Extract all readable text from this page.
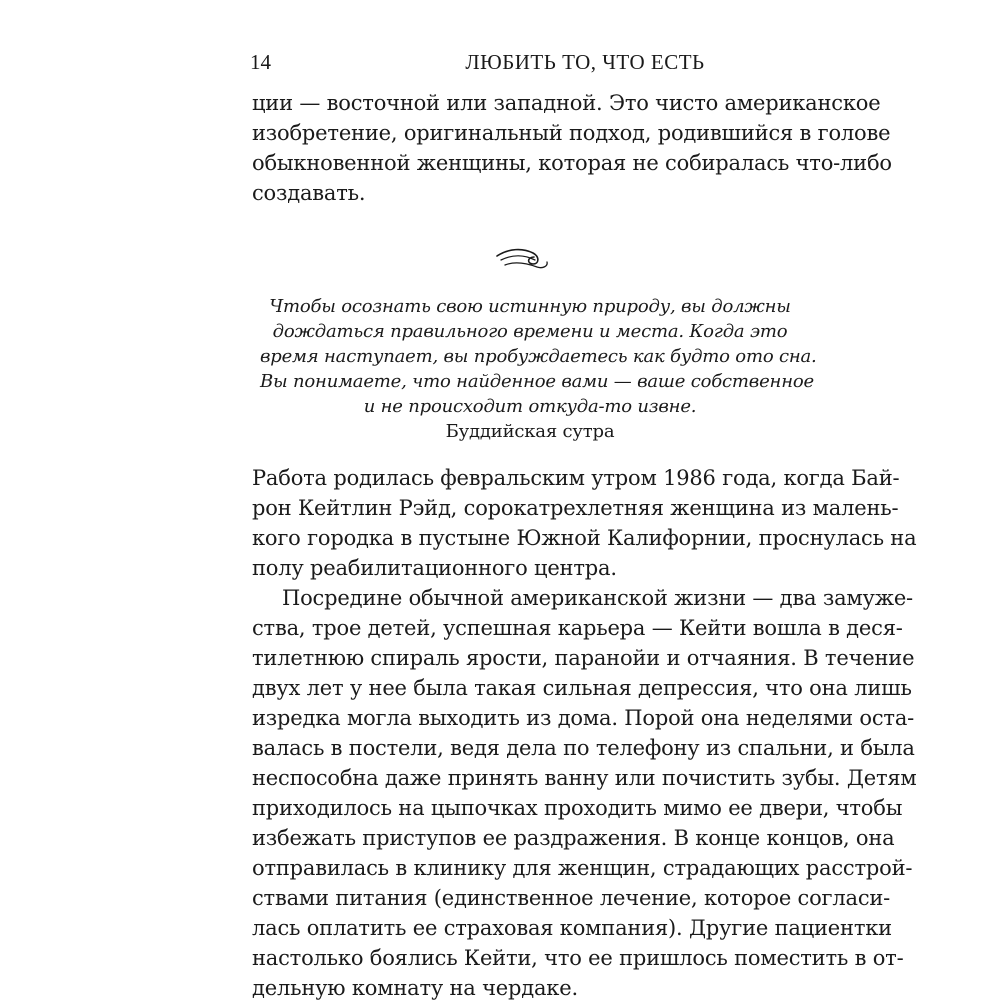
14	ЛЮБИТЬ ТО, ЧТО ЕСТЬ
ции — восточной или западной. Это чисто американское
изобретение, оригинальный подход, родившийся в голове
обыкновенной женщины, которая не собиралась что-либо
создавать.
Чтобы осознать свою истинную природу, вы должны
дождаться правильного времени и места. Когда это
время наступает, вы пробуждаетесь как будто ото сна.
Вы понимаете, что найденное вами — ваше собственное
и не происходит откуда-то извне.
Буддийская сутра
Работа родилась февральским утром 1986 года, когда Бай-
рон Кейтлин Рэйд, сорокатрехлетняя женщина из малень-
кого городка в пустыне Южной Калифорнии, проснулась на
полу реабилитационного центра.
Посредине обычной американской жизни — два замуже-
ства, трое детей, успешная карьера — Кейти вошла в деся-
тилетнюю спираль ярости, паранойи и отчаяния. В течение
двух лет у нее была такая сильная депрессия, что она лишь
изредка могла выходить из дома. Порой она неделями оста-
валась в постели, ведя дела по телефону из спальни, и была
неспособна даже принять ванну или почистить зубы. Детям
приходилось на цыпочках проходить мимо ее двери, чтобы
избежать приступов ее раздражения. В конце концов, она
отправилась в клинику для женщин, страдающих расстрой-
ствами питания (единственное лечение, которое согласи-
лась оплатить ее страховая компания). Другие пациентки
настолько боялись Кейти, что ее пришлось поместить в от-
дельную комнату на чердаке.
